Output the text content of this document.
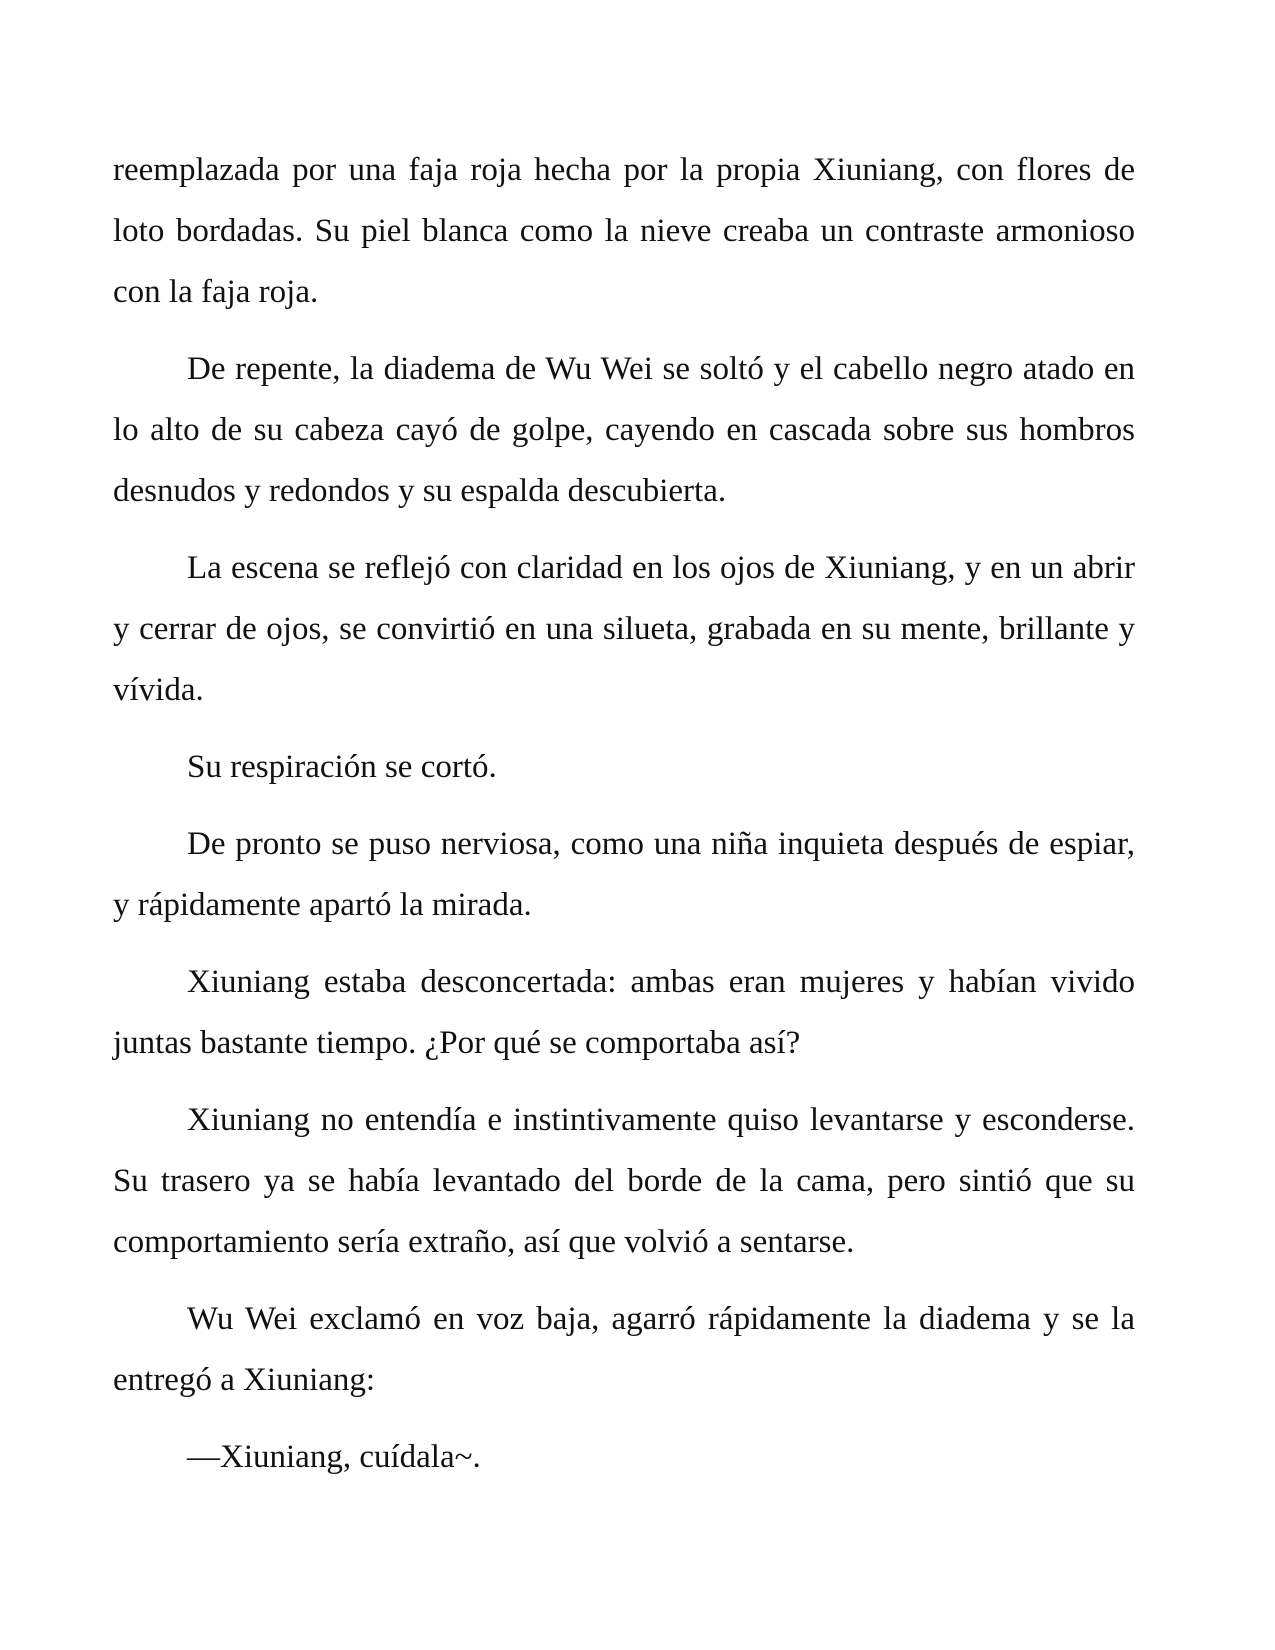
reemplazada por una faja roja hecha por la propia Xiuniang, con flores de loto bordadas. Su piel blanca como la nieve creaba un contraste armonioso con la faja roja.

De repente, la diadema de Wu Wei se soltó y el cabello negro atado en lo alto de su cabeza cayó de golpe, cayendo en cascada sobre sus hombros desnudos y redondos y su espalda descubierta.

La escena se reflejó con claridad en los ojos de Xiuniang, y en un abrir y cerrar de ojos, se convirtió en una silueta, grabada en su mente, brillante y vívida.

Su respiración se cortó.

De pronto se puso nerviosa, como una niña inquieta después de espiar, y rápidamente apartó la mirada.

Xiuniang estaba desconcertada: ambas eran mujeres y habían vivido juntas bastante tiempo. ¿Por qué se comportaba así?

Xiuniang no entendía e instintivamente quiso levantarse y esconderse. Su trasero ya se había levantado del borde de la cama, pero sintió que su comportamiento sería extraño, así que volvió a sentarse.

Wu Wei exclamó en voz baja, agarró rápidamente la diadema y se la entregó a Xiuniang:

—Xiuniang, cuídala~.
